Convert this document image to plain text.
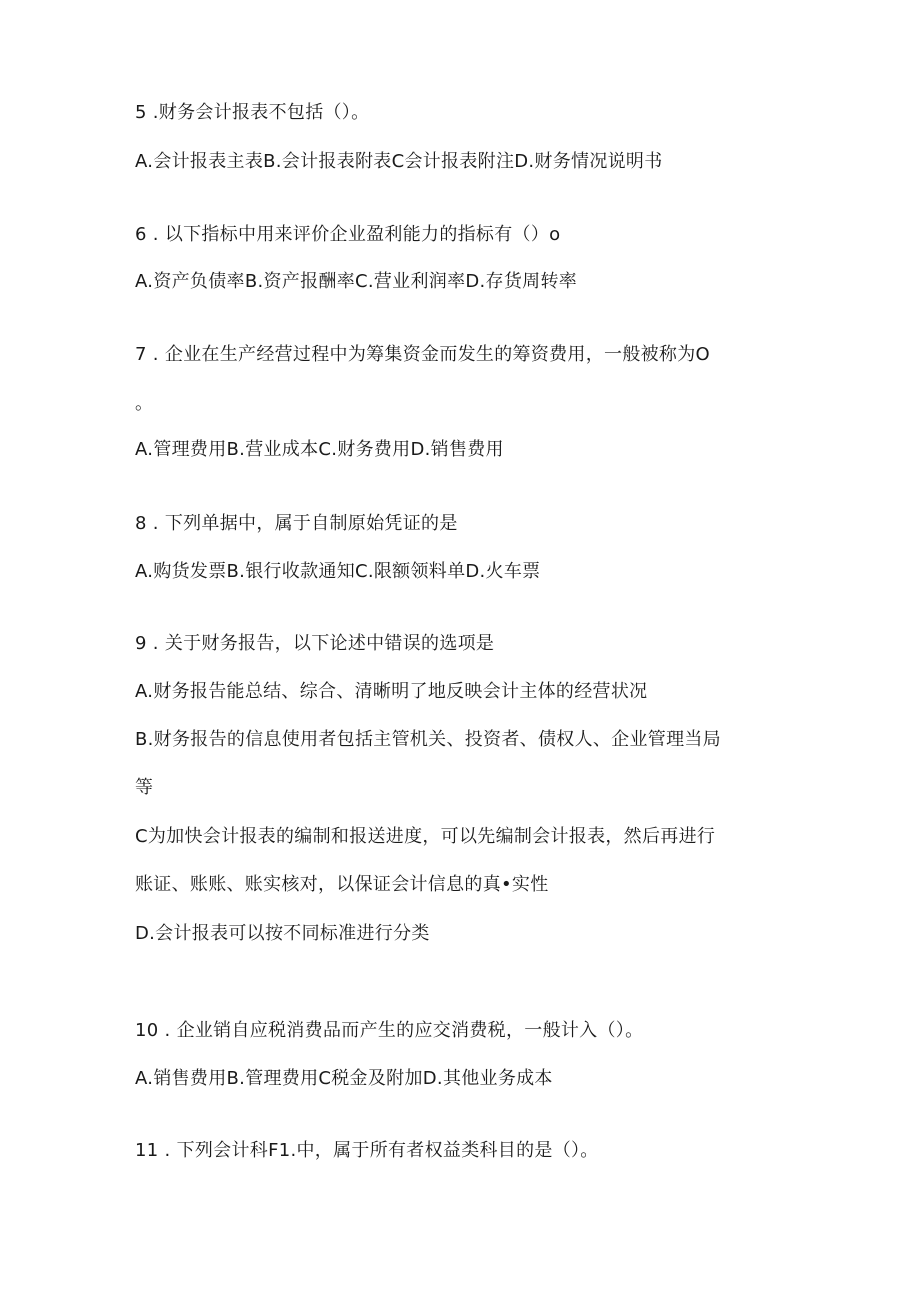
5 .财务会计报表不包括（）。

A.会计报表主表B.会计报表附表C会计报表附注D.财务情况说明书

6 . 以下指标中用来评价企业盈利能力的指标有（）o

A.资产负债率B.资产报酬率C.营业利润率D.存货周转率

7 . 企业在生产经营过程中为筹集资金而发生的筹资费用，一般被称为O

。

A.管理费用B.营业成本C.财务费用D.销售费用

8 . 下列单据中，属于自制原始凭证的是

A.购货发票B.银行收款通知C.限额领料单D.火车票

9 . 关于财务报告，以下论述中错误的选项是

A.财务报告能总结、综合、清晰明了地反映会计主体的经营状况

B.财务报告的信息使用者包括主管机关、投资者、债权人、企业管理当局

等

C为加快会计报表的编制和报送进度，可以先编制会计报表，然后再进行

账证、账账、账实核对，以保证会计信息的真•实性

D.会计报表可以按不同标准进行分类

10 . 企业销自应税消费品而产生的应交消费税，一般计入（）。

A.销售费用B.管理费用C税金及附加D.其他业务成本

11 . 下列会计科F1.中，属于所有者权益类科目的是（）。
